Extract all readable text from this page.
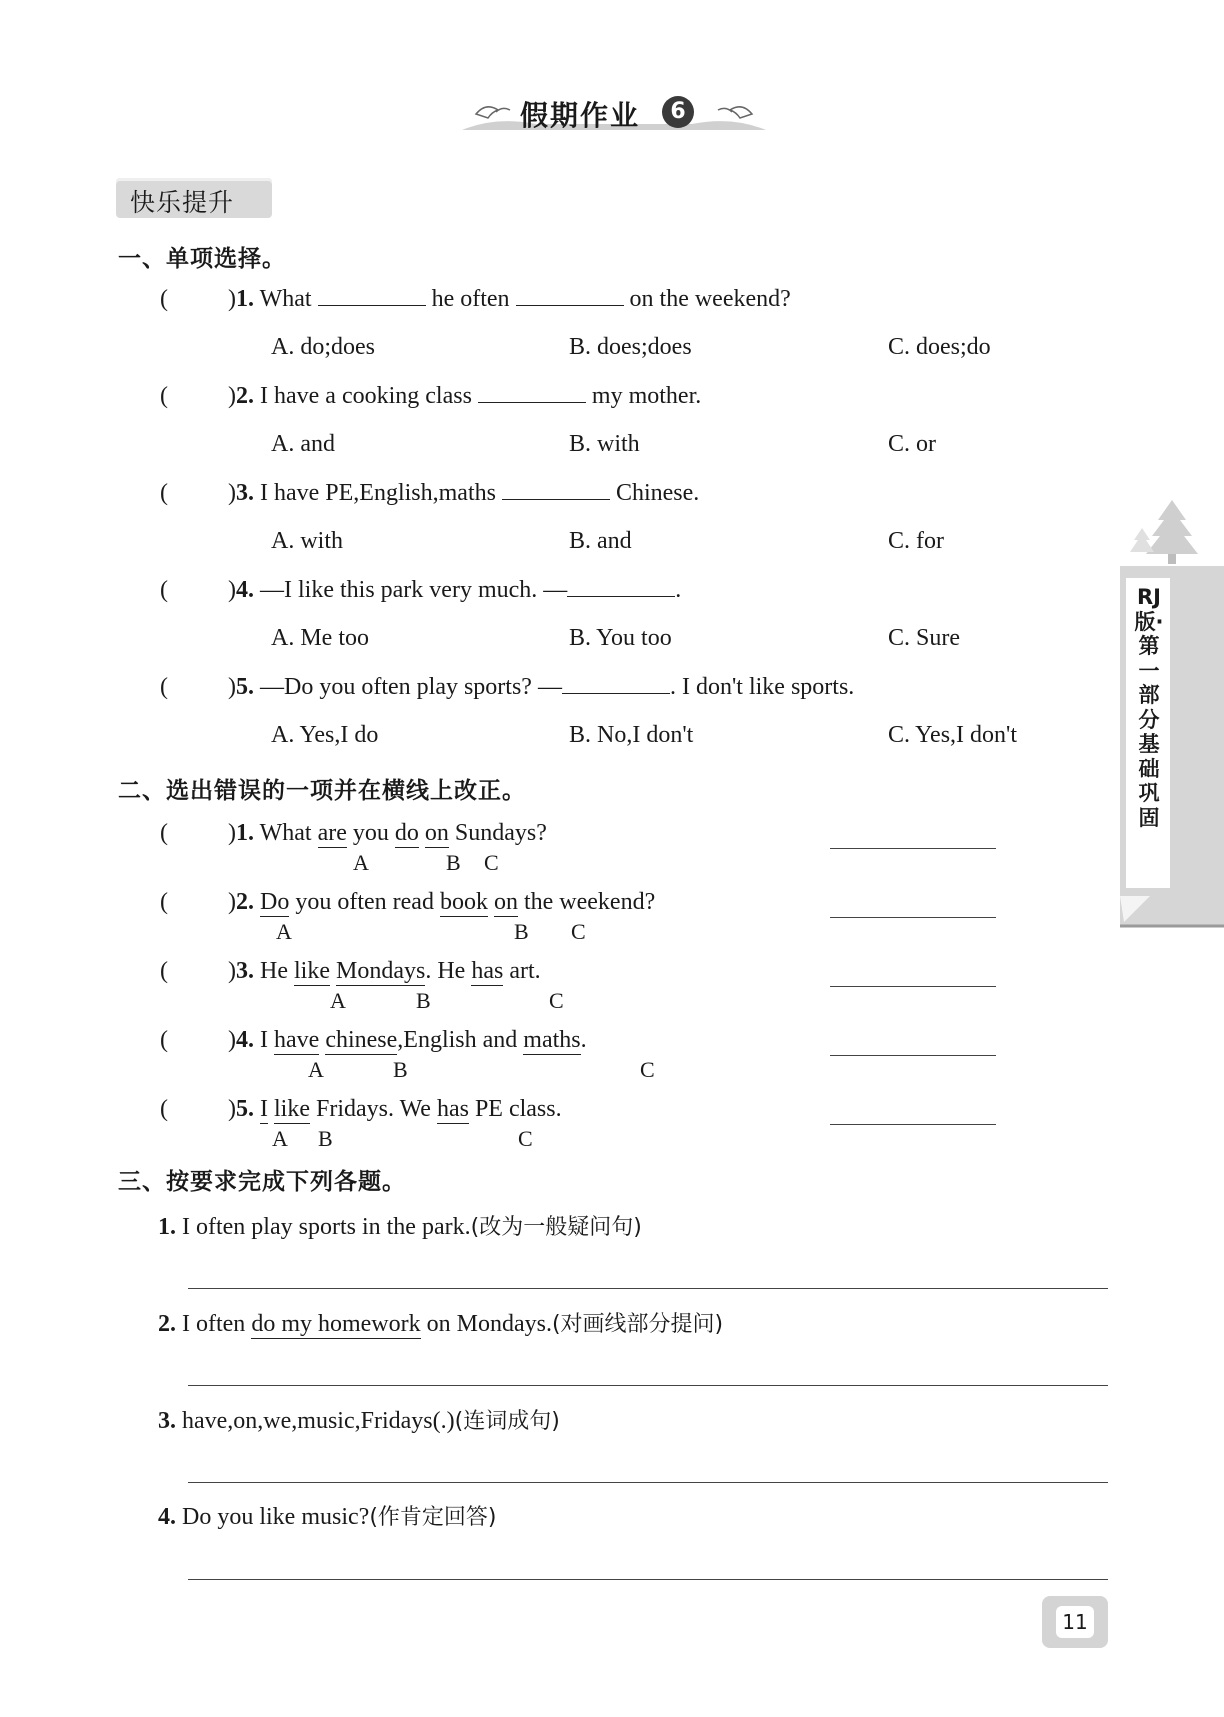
假期作业	6
快乐提升
一、单项选择。
(	)1. What	he often	on the weekend?
A. do;does	B. does;does	C. does;do
(	)2. I have a cooking class	my mother.
A. and	B. with	C. or
(	)3. I have PE,English,maths	Chinese.
A. with	B. and	C. for
(	)4. —I like this park very much. —	.
A. Me too	B. You too	C. Sure
(	)5. —Do you often play sports? —	. I don't like sports.
A. Yes,I do	B. No,I don't	C. Yes,I don't
二、选出错误的一项并在横线上改正。
(	)1. What are you do on Sundays?
A	B C
(	)2. Do you often read book on the weekend?
A	B C
(	)3. He like Mondays. He has art.
A	B	C
(	)4. I have chinese,English and maths.
A	B	C
(	)5. I like Fridays. We has PE class.
A B	C
三、按要求完成下列各题。
1. I often play sports in the park.(改为一般疑问句)
2. I often do my homework on Mondays.(对画线部分提问)
3. have,on,we,music,Fridays(.)(连词成句)
4. Do you like music?(作肯定回答)
RJ版·第一部分 基础巩固
11
